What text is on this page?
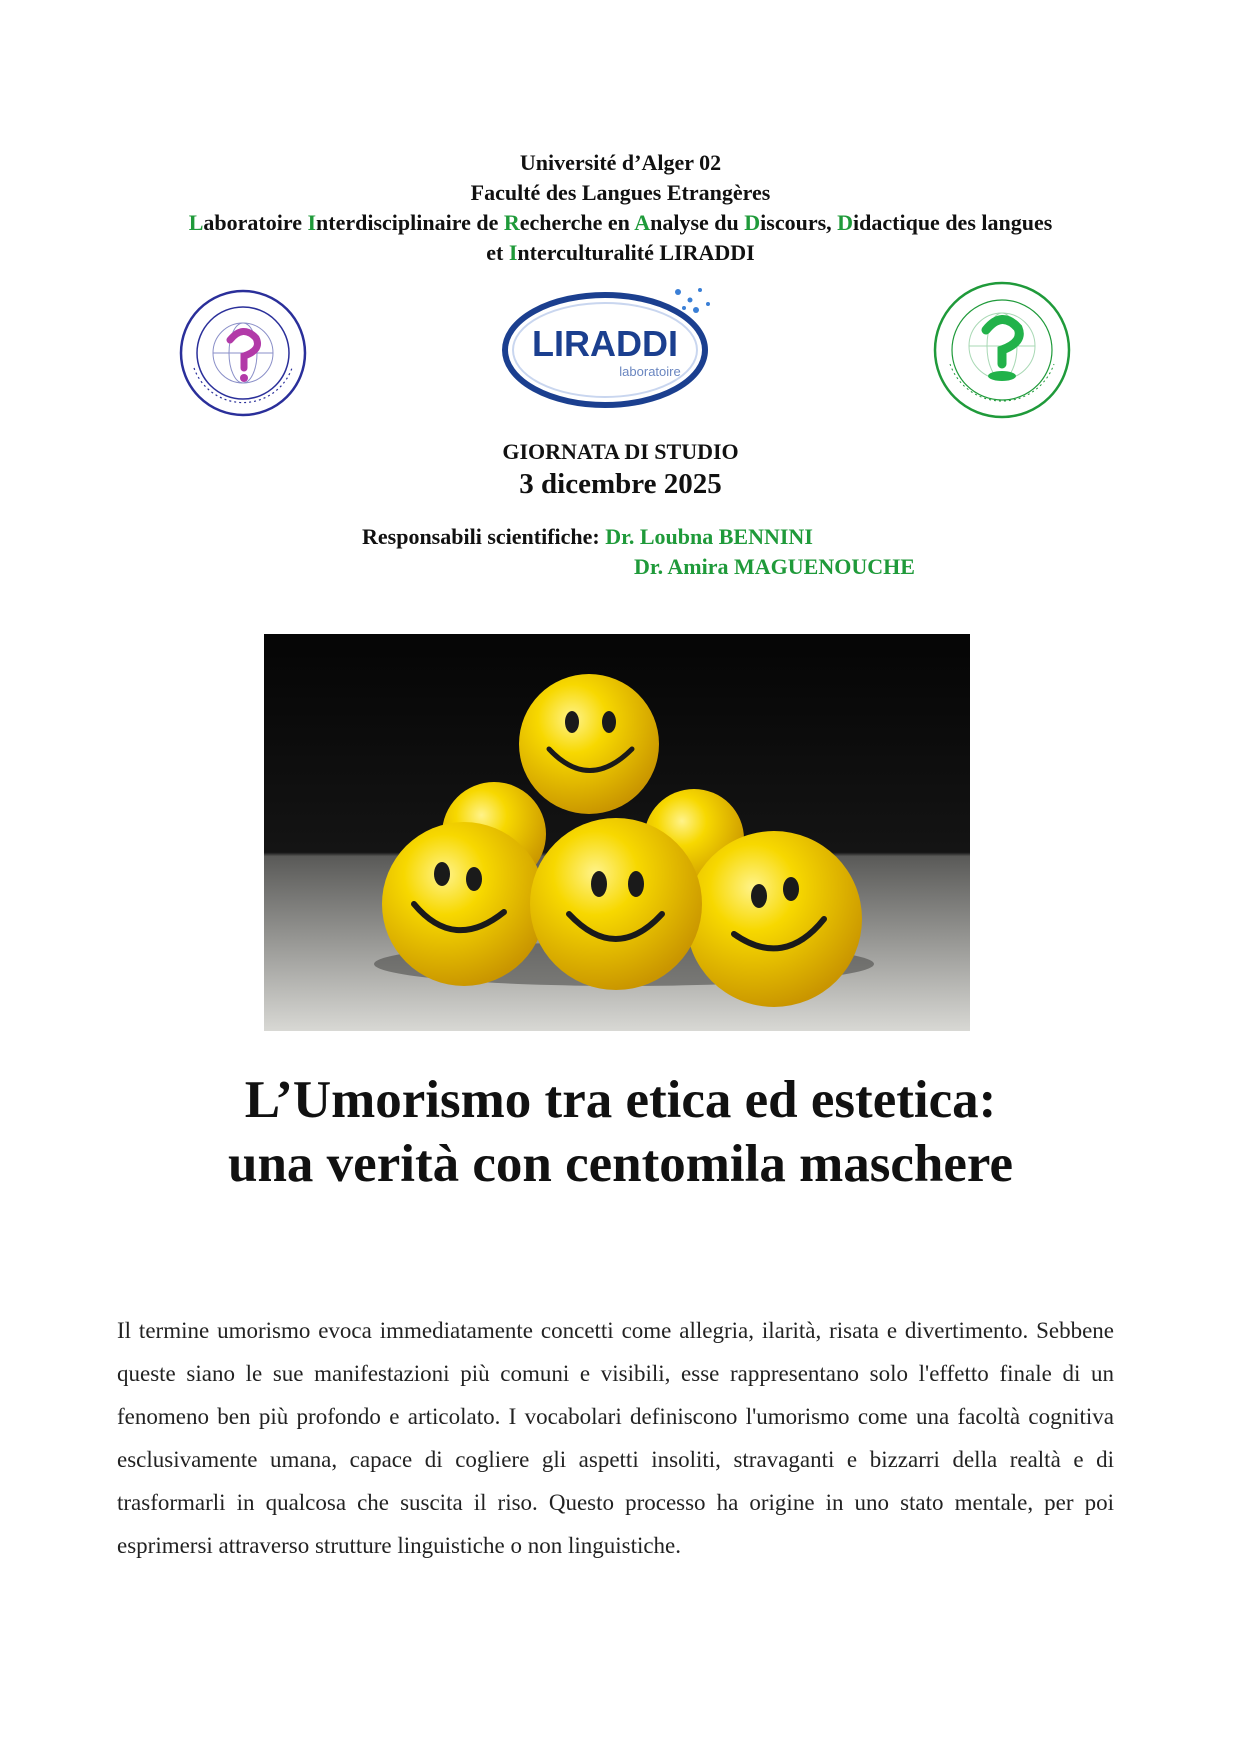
Université d’Alger 02
Faculté des Langues Etrangères
Laboratoire Interdisciplinaire de Recherche en Analyse du Discours, Didactique des langues
et Interculturalité LIRADDI
LIRADDI
laboratoire
GIORNATA DI STUDIO
3 dicembre 2025
Responsabili scientifiche: Dr. Loubna BENNINI
Dr. Amira MAGUENOUCHE
L’Umorismo tra etica ed estetica:
una verità con centomila maschere

Il termine umorismo evoca immediatamente concetti come allegria, ilarità, risata e divertimento. Sebbene queste siano le sue manifestazioni più comuni e visibili, esse rappresentano solo l'effetto finale di un fenomeno ben più profondo e articolato. I vocabolari definiscono l'umorismo come una facoltà cognitiva esclusivamente umana, capace di cogliere gli aspetti insoliti, stravaganti e bizzarri della realtà e di trasformarli in qualcosa che suscita il riso. Questo processo ha origine in uno stato mentale, per poi esprimersi attraverso strutture linguistiche o non linguistiche.
